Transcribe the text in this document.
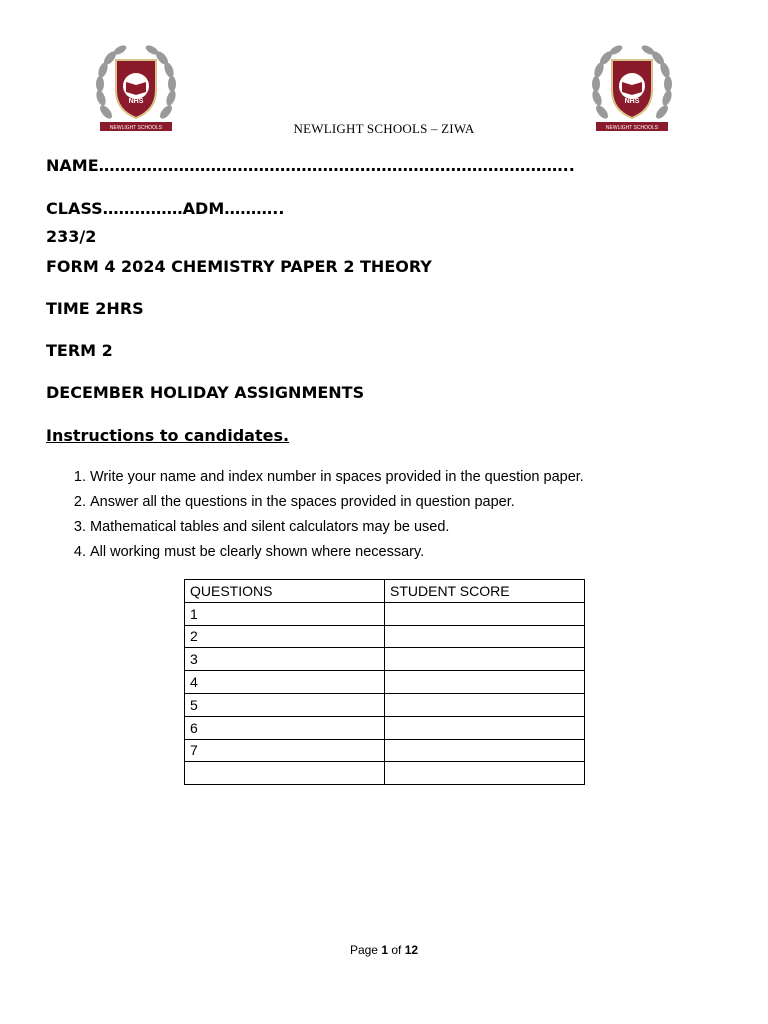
NHS
NEWLIGHT SCHOOLS
NHS
NEWLIGHT SCHOOLS
NEWLIGHT SCHOOLS – ZIWA
NAME……………………………………………………………………………..
CLASS……………ADM………..
233/2
FORM 4 2024 CHEMISTRY PAPER 2 THEORY
TIME 2HRS
TERM 2
DECEMBER HOLIDAY ASSIGNMENTS
Instructions to candidates.
1. Write your name and index number in spaces provided in the question paper.
2. Answer all the questions in the spaces provided in question paper.
3. Mathematical tables and silent calculators may be used.
4. All working must be clearly shown where necessary.
QUESTIONS	STUDENT SCORE
1	
2	
3	
4	
5	
6	
7	

Page 1 of 12
